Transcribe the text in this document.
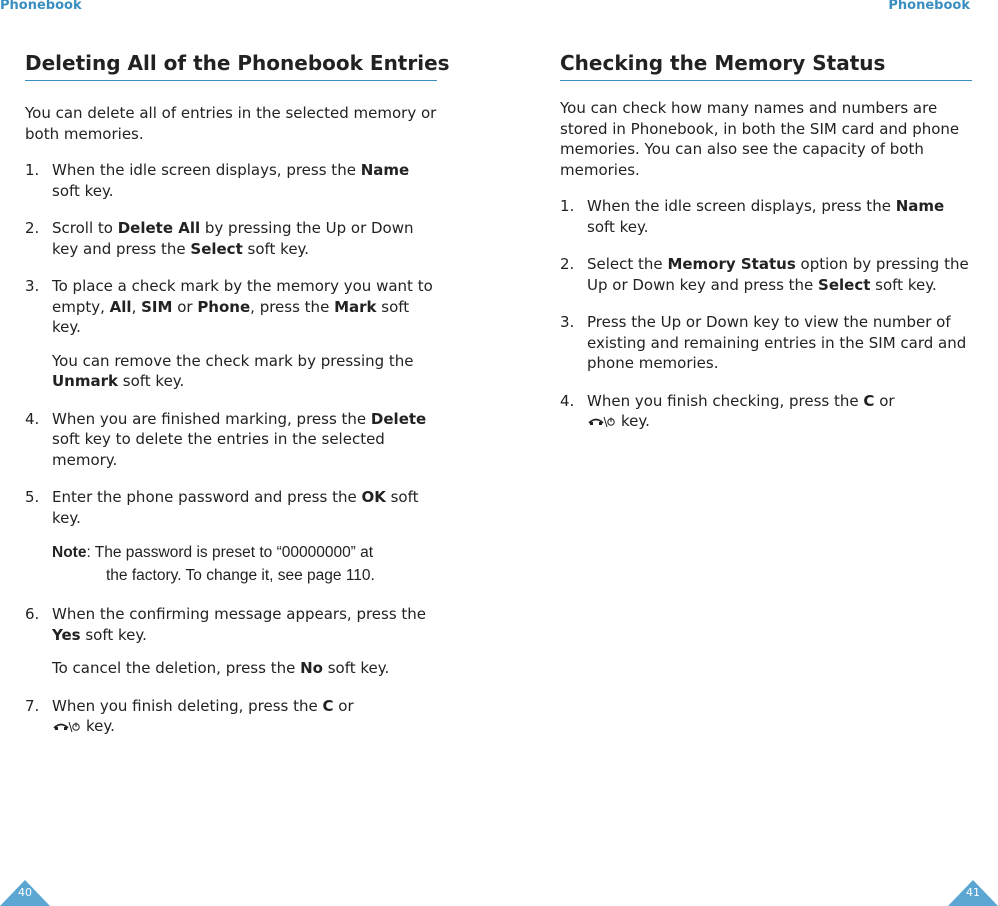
Phonebook
Deleting All of the Phonebook Entries

You can delete all of entries in the selected memory or both memories.

1. When the idle screen displays, press the Name soft key.
2. Scroll to Delete All by pressing the Up or Down key and press the Select soft key.
3. To place a check mark by the memory you want to empty, All, SIM or Phone, press the Mark soft key.
You can remove the check mark by pressing the Unmark soft key.
4. When you are finished marking, press the Delete soft key to delete the entries in the selected memory.
5. Enter the phone password and press the OK soft key.
Note: The password is preset to “00000000” at
the factory. To change it, see page 110.
6. When the confirming message appears, press the Yes soft key.
To cancel the deletion, press the No soft key.
7. When you finish deleting, press the C or
key.
40
Phonebook
Checking the Memory Status

You can check how many names and numbers are stored in Phonebook, in both the SIM card and phone memories. You can also see the capacity of both memories.

1. When the idle screen displays, press the Name soft key.
2. Select the Memory Status option by pressing the Up or Down key and press the Select soft key.
3. Press the Up or Down key to view the number of existing and remaining entries in the SIM card and phone memories.
4. When you finish checking, press the C or
key.
41
